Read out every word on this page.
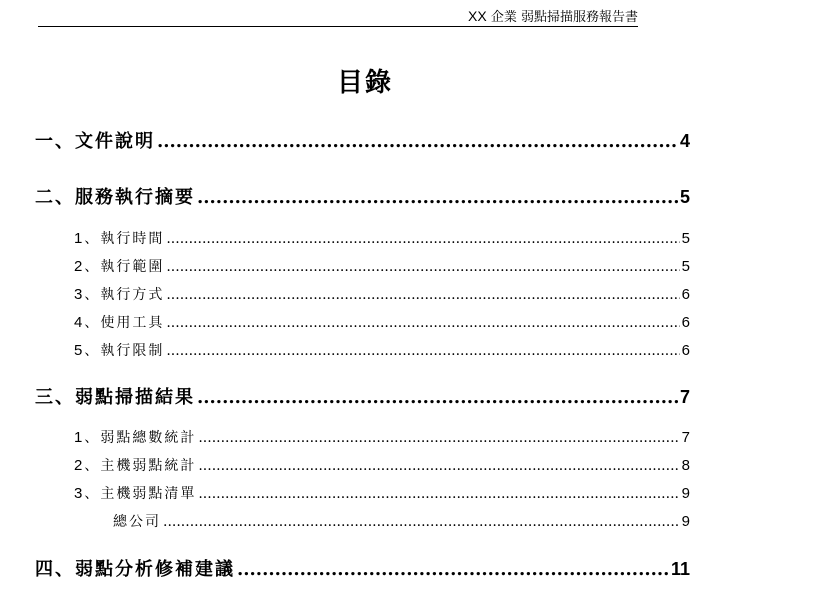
XX 企業 弱點掃描服務報告書
目錄
一、文件說明 .....	4
二、服務執行摘要 .....	5
1、執行時間 .....	5
2、執行範圍 .....	5
3、執行方式 .....	6
4、使用工具 .....	6
5、執行限制 .....	6
三、弱點掃描結果 .....	7
1、弱點總數統計 .....	7
2、主機弱點統計 .....	8
3、主機弱點清單 .....	9
總公司 .....	9
四、弱點分析修補建議 .....	11
